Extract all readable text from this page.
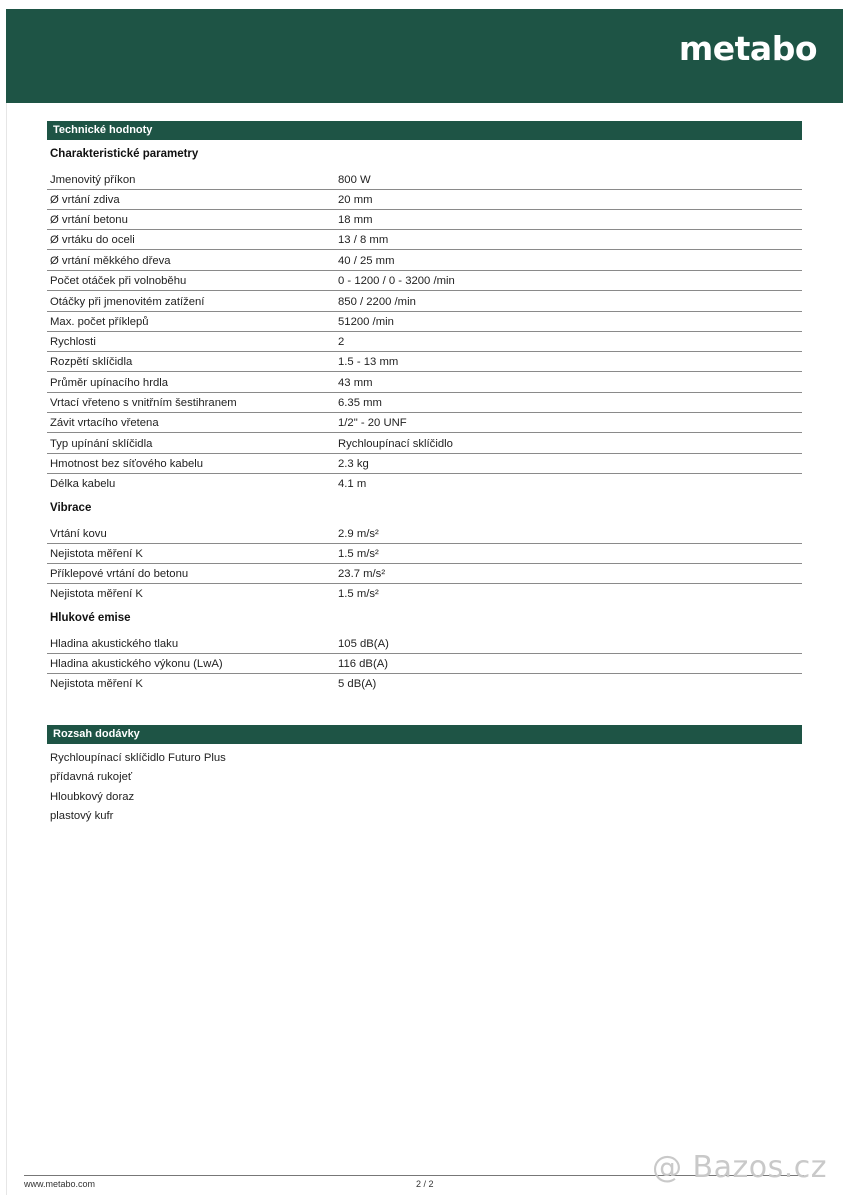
metabo
Technické hodnoty
Charakteristické parametry
Jmenovitý příkon	800 W
Ø vrtání zdiva	20 mm
Ø vrtání betonu	18 mm
Ø vrtáku do oceli	13 / 8 mm
Ø vrtání měkkého dřeva	40 / 25 mm
Počet otáček při volnoběhu	0 - 1200 / 0 - 3200 /min
Otáčky při jmenovitém zatížení	850 / 2200 /min
Max. počet příklepů	51200 /min
Rychlosti	2
Rozpětí sklíčidla	1.5 - 13 mm
Průměr upínacího hrdla	43 mm
Vrtací vřeteno s vnitřním šestihranem	6.35 mm
Závit vrtacího vřetena	1/2" - 20 UNF
Typ upínání sklíčidla	Rychloupínací sklíčidlo
Hmotnost bez síťového kabelu	2.3 kg
Délka kabelu	4.1 m
Vibrace
Vrtání kovu	2.9 m/s²
Nejistota měření K	1.5 m/s²
Příklepové vrtání do betonu	23.7 m/s²
Nejistota měření K	1.5 m/s²
Hlukové emise
Hladina akustického tlaku	105 dB(A)
Hladina akustického výkonu (LwA)	116 dB(A)
Nejistota měření K	5 dB(A)
Rozsah dodávky
Rychloupínací sklíčidlo Futuro Plus
přídavná rukojeť
Hloubkový doraz
plastový kufr
www.metabo.com	2 / 2	@ Bazos.cz
